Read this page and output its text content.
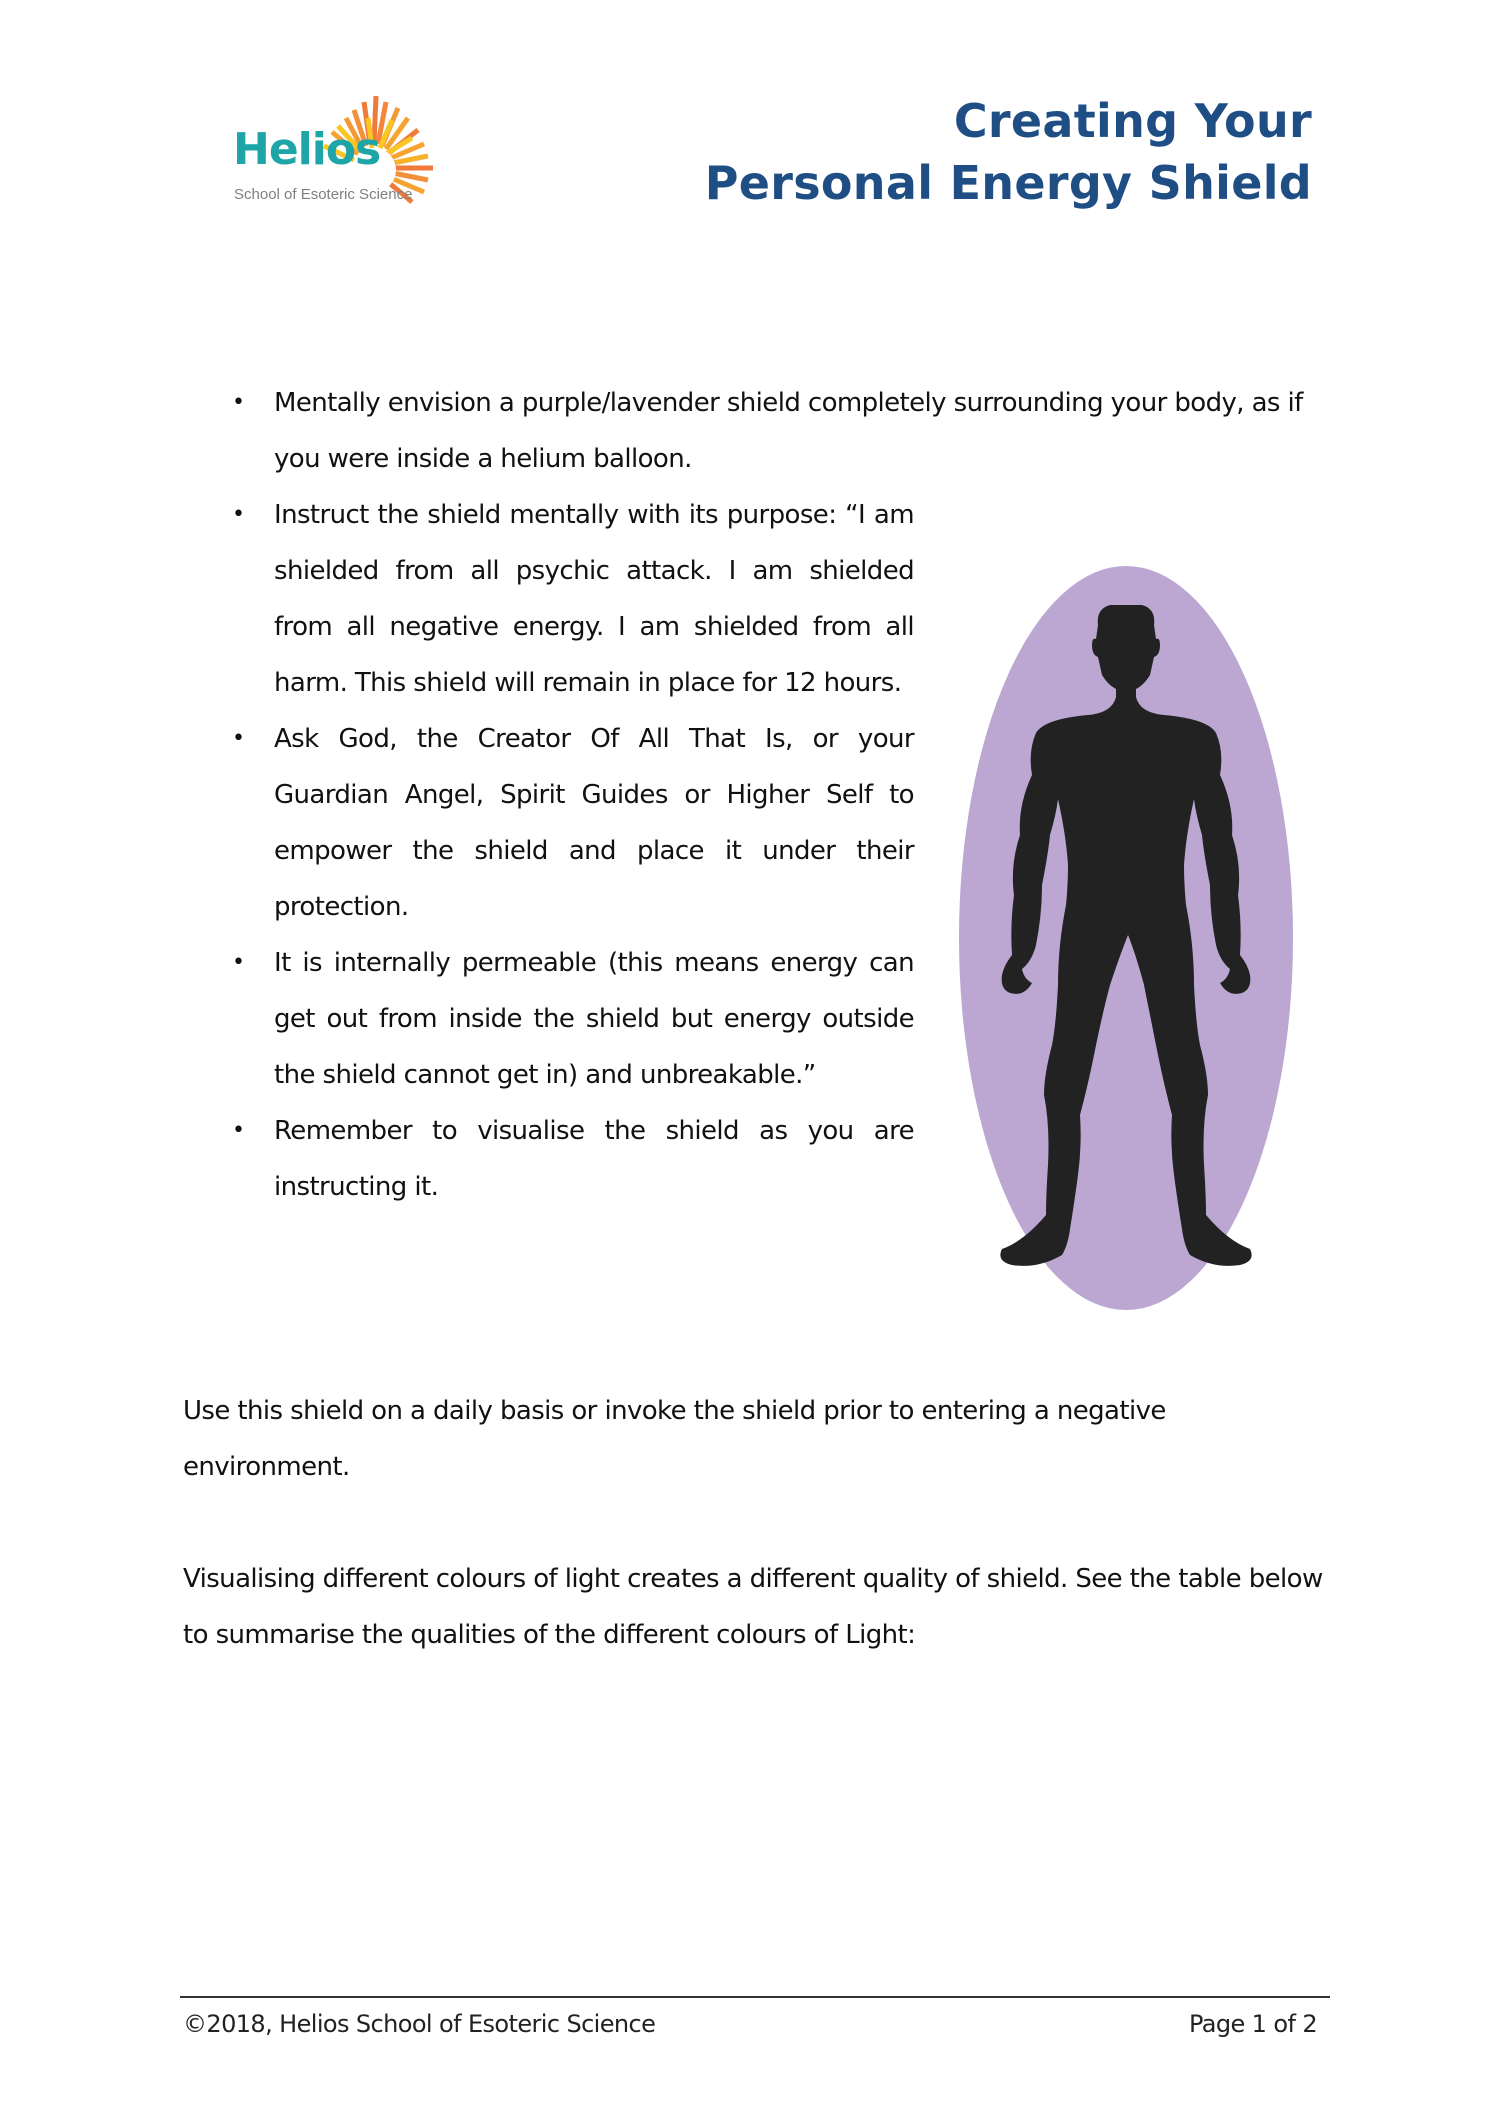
Helios
School of Esoteric Science
Creating Your
Personal Energy Shield
• Mentally envision a purple/lavender shield completely surrounding your body, as if you were inside a helium balloon.
• Instruct the shield mentally with its purpose: “I am shielded from all psychic attack. I am shielded from all negative energy. I am shielded from all harm. This shield will remain in place for 12 hours.
• Ask God, the Creator Of All That Is, or your Guardian Angel, Spirit Guides or Higher Self to empower the shield and place it under their protection.
• It is internally permeable (this means energy can get out from inside the shield but energy outside the shield cannot get in) and unbreakable.”
• Remember to visualise the shield as you are instructing it.
Use this shield on a daily basis or invoke the shield prior to entering a negative environment.
Visualising different colours of light creates a different quality of shield. See the table below to summarise the qualities of the different colours of Light:
©2018, Helios School of Esoteric Science	Page 1 of 2
